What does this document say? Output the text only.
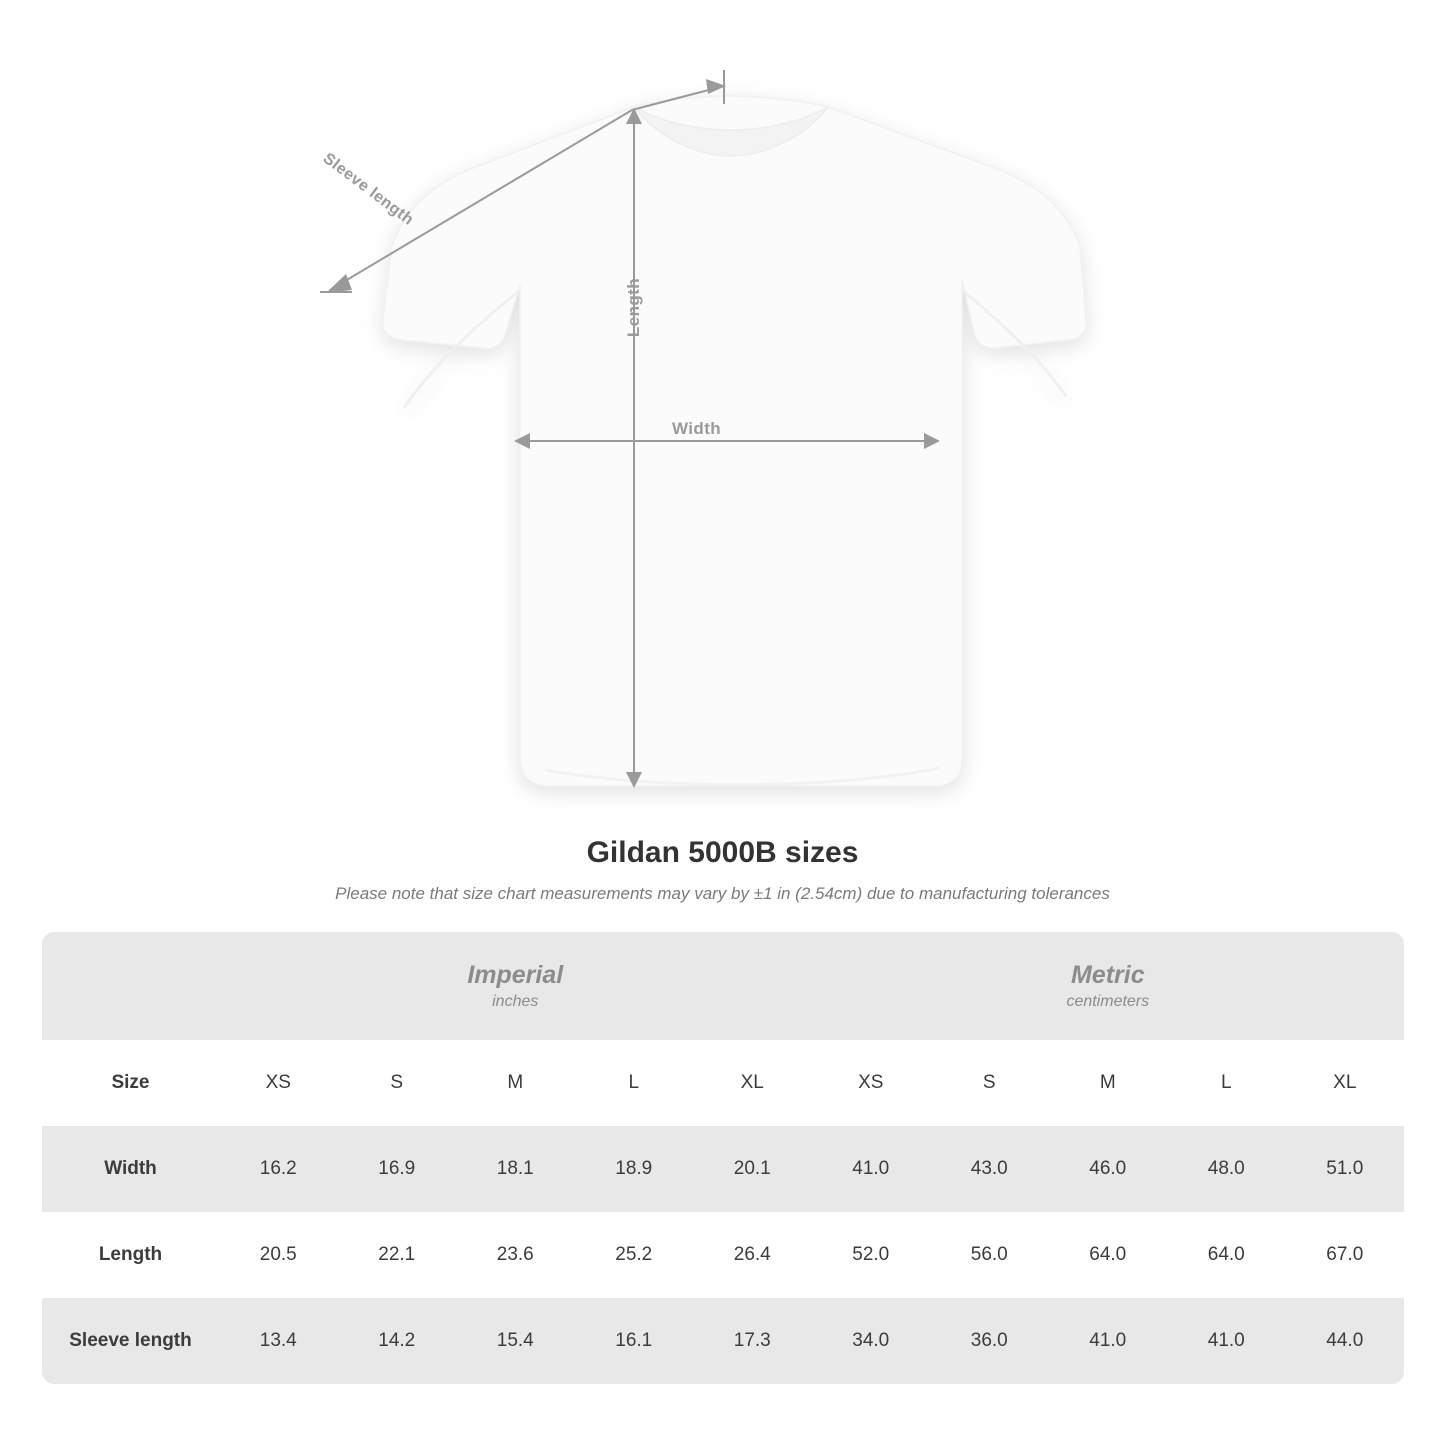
Width
Length
Sleeve length
Gildan 5000B sizes

Please note that size chart measurements may vary by ±1 in (2.54cm) due to manufacturing tolerances

Imperial
inches

Metric
centimeters

Size	XS	S	M	L	XL	XS	S	M	L	XL
Width	16.2	16.9	18.1	18.9	20.1	41.0	43.0	46.0	48.0	51.0
Length	20.5	22.1	23.6	25.2	26.4	52.0	56.0	64.0	64.0	67.0
Sleeve length	13.4	14.2	15.4	16.1	17.3	34.0	36.0	41.0	41.0	44.0
